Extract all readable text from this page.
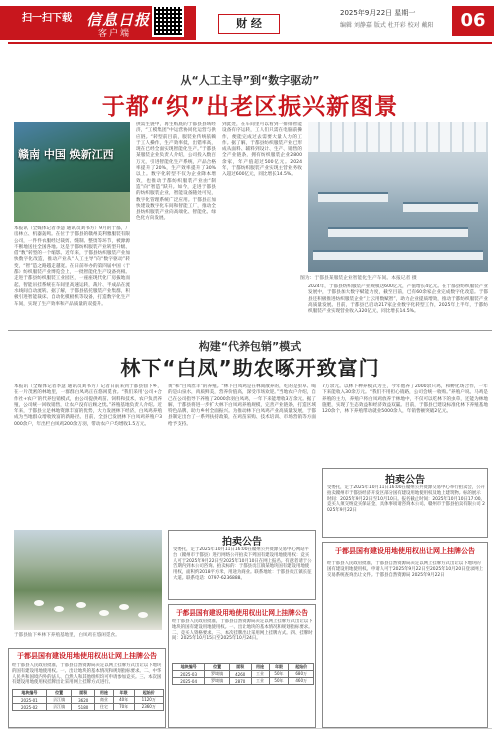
扫一扫下载 信息日报
客户端
财 经
2025年9月22日 星期一
编辑 刘静嘉 版式 杜开彩 校对 戴阳	06
从“人工主导”到“数字驱动”
于都“织”出老区振兴新图景
赣南 中国 焕新江西
本报讯（全媒体记者李慧 通讯员刘书方）9月的于都，厂房林立、机器轰鸣。在位于于都县的赣州美利雅服装有限公司，一件件衣服经过裁剪、缝制、整烫等环节，被源源不断地送往全国各地。这是于都纺织服装产业转型升级、借“数”转型的一个缩影。近年来，于都县纺织服装产业加快数字化改造，推动产业从“人工主导”向“数字驱动”转变，“智”造之路越走越宽。在日前举办的第四届中国（于都）纺织服装产业博览会上，一批智能化生产设备亮相。走进于都县纺织服装工业园区，一座座现代化厂房拔地而起，智能吊挂系统在车间里高速运转，裁片、半成品在流水线间自动流转。据了解，于都县依托服装产业集群，积极引进智能裁床、自动化模板机等设备，打造数字化生产车间，实现了生产效率和产品质量的双提升。
供需生链中，再生纸底的于都县县域经济，“工模集团”中运营协同化运营与供应链。“转型前目前，服装业传统依赖于工人操作，生产效率低，出错率高，现在已经全面实现智能化生产。”于都县某服装企业负责人介绍，公司投入数百万元，引进智能化生产系统，产品合格率提升了20%，生产效率提升了30%以上。数字化转型不仅为企业降本增效，也推动于都纺织服装产业由“制造”向“智造”跃升。如今，走进于都县的纺织服装企业，智能设备随处可见，数字化管理系统广泛应用。于都县正加快建设数字化车间和智能工厂，推动全县纺织服装产业向高端化、智能化、绿色化方向发展。
到此处，在车间里可以看到一排排智能设备有序运转，工人们只需在电脑前操作，便能完成过去需要大量人力的工作。据了解，于都县纺织服装产业已形成从面料、辅料到设计、生产、销售的全产业链条，拥有纺织服装企业2800余家，年产值超过500亿元。2024年，于都纺织服装产业实现主营业务收入超过600亿元，同比增长14.5%。
图为：于都县某服装企业智能化生产车间。本报记者 摄
2024年，于都县纺织服装产业规模达600亿元，产值增长4亿元。在于都县纺织服装产业发展中，于都县加大数字赋能力度，截至目前，已有60余家企业完成数字化改造。于都县还积极推进纺织服装企业“上云用数赋智”，助力企业提质增效，推动于都纺织服装产业高质量发展。目前，于都县已启动217家企业数字化转型工作，2025年上半年，于都纺织服装产业实现营业收入320亿元，同比增长14.5%。
构建“代养包销”模式
林下“白凤”助农啄开致富门
本报讯（全媒体记者李慧 通讯员刘书方）记者日前来到于都县仙下乡，在一片茂密的林地里，一群群白凤鸡正在悠闲觅食。“我们采用‘公司+合作社+农户’的代养包销模式，由公司提供鸡苗、饲料和技术，农户负责养殖，公司统一回收销售，让农户没有后顾之忧。”养殖基地负责人介绍。近年来，于都县立足林地资源丰富的优势，大力发展林下经济，白凤鸡养殖成为当地群众增收致富的新路径。目前，全县已发展林下白凤鸡养殖户3000余户，年出栏白凤鸡200余万羽，带动农户户均增收1.5万元。
黄”和“白凤丝羊”的养殖。“林下白凤鸡是在林间散养的，吃的是虫草、喝的是山泉水，肉质鲜美，营养价值高，深受市场欢迎。”当地农户介绍，自己在公司指导下养殖了2000余羽白凤鸡，一年下来能增收3万余元。据了解，于都县将进一步扩大林下白凤鸡养殖规模，完善产业链条，打造区域特色品牌，助力乡村全面振兴。为推动林下白凤鸡产业高质量发展，于都县制定出台了一系列扶持政策，在鸡苗采购、技术培训、市场营销等方面给予支持。
7万余元。以林下种养模式为主，今年他养了2000余只鸡，和孵化场合作，一年下来能收入30余万元。“我们不用担心销路，公司会统一收购。”养殖户说。马鸡是养殖的主力，养殖户将白凤鸡放养于林地中，不仅可以吃林下的虫草，还能为林地施肥，实现了生态效益和经济效益双赢。目前，于都县已建设标准化林下养殖基地120余个，林下养殖带动就业5000余人，年销售额突破2亿元。
于都县仙下乡林下养殖基地里，白凤鸡在悠闲觅食。
拍卖公告
受委托，定于2025年10月11日16:00在赣州公共资源交易中心网站平台（赣州市于都县）进行网络公开拍卖下列国有建设用地使用权：竞买人可于2025年9月22日至2025年10月10日在网上报名。有意者请于公告期内到本公司咨询。拍卖标的：于都县贡江镇某地块国有建设用地使用权，面积约2018平方米，用途为商业。联系地址：于都县贡江镇长征大道。联系电话：0797-6236888。
拍卖公告
受委托，定于2025年10月11日16:00在赣州公共资源交易中心举行拍卖会，公开拍卖赣州市于都县经济开发区部分国有建设用地使用权及地上建筑物。标的展示时间：2025年9月22日至10月10日。报名截止时间：2025年10月10日17:00。竞买人须交纳竞买保证金，具体事项请咨询本公司。赣州市于都县拍卖有限公司 2025年9月22日
于都县国有建设用地使用权出让网上挂牌公告
经于都县人民政府批准，于都县自然资源局决定以网上挂牌方式出让以下地块的国有建设用地使用权。一、出让地块的基本情况和规划指标要求。二、中华人民共和国境内外的法人、自然人和其他组织均可申请参加竞买。三、本次国有建设用地使用权挂牌出让采用网上挂牌方式进行。
地块编号	位置	面积	用途	年限	起始价
2025-01	贡江镇	3620	商业	40年	1120万
2025-02	贡江镇	5180	住宅	70年	2360万
于都县国有建设用地使用权出让网上挂牌公告
经于都县人民政府批准，于都县自然资源局决定以网上挂牌方式出让以下地块的国有建设用地使用权。一、出让地块的基本情况和规划指标要求。二、竞买人资格要求。三、本次挂牌出让采用网上挂牌方式。四、挂牌时间：2025年10月15日至2025年10月24日。
地块编号	位置	面积	用途	年限	起始价
2025-03	罗坳镇	4260	工业	50年	680万
2025-04	罗坳镇	2870	工业	50年	460万
于都县国有建设用地使用权出让网上挂牌公告
经于都县人民政府批准，于都县自然资源局决定以网上挂牌方式出让以下地块的国有建设用地使用权。申请人可于2025年9月22日至2025年10月20日登录网上交易系统查询出让文件。于都县自然资源局 2025年9月22日
